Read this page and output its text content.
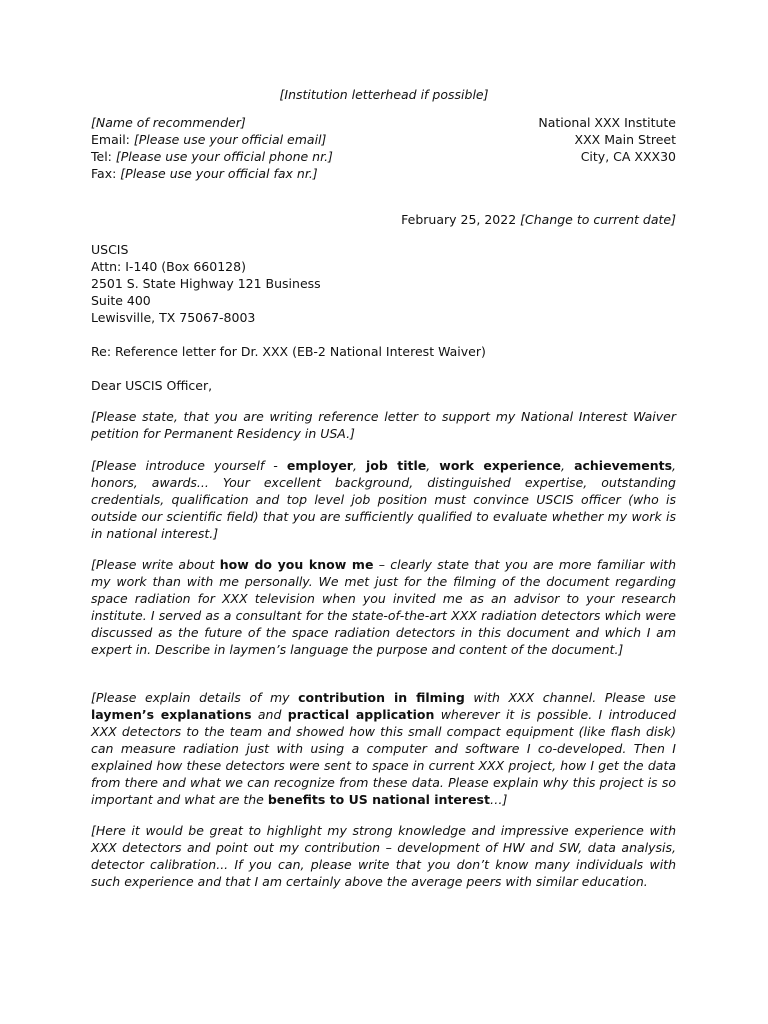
[Institution letterhead if possible]
[Name of recommender]
Email: [Please use your official email]
Tel: [Please use your official phone nr.]
Fax: [Please use your official fax nr.]
National XXX Institute
XXX Main Street
City, CA XXX30
February 25, 2022 [Change to current date]
USCIS
Attn: I-140 (Box 660128)
2501 S. State Highway 121 Business
Suite 400
Lewisville, TX 75067-8003
Re: Reference letter for Dr. XXX (EB-2 National Interest Waiver)
Dear USCIS Officer,
[Please state, that you are writing reference letter to support my National Interest Waiver petition for Permanent Residency in USA.]
[Please introduce yourself - employer, job title, work experience, achievements, honors, awards... Your excellent background, distinguished expertise, outstanding credentials, qualification and top level job position must convince USCIS officer (who is outside our scientific field) that you are sufficiently qualified to evaluate whether my work is in national interest.]
[Please write about how do you know me – clearly state that you are more familiar with my work than with me personally. We met just for the filming of the document regarding space radiation for XXX television when you invited me as an advisor to your research institute. I served as a consultant for the state-of-the-art XXX radiation detectors which were discussed as the future of the space radiation detectors in this document and which I am expert in. Describe in laymen’s language the purpose and content of the document.]
[Please explain details of my contribution in filming with XXX channel. Please use laymen’s explanations and practical application wherever it is possible. I introduced XXX detectors to the team and showed how this small compact equipment (like flash disk) can measure radiation just with using a computer and software I co-developed. Then I explained how these detectors were sent to space in current XXX project, how I get the data from there and what we can recognize from these data. Please explain why this project is so important and what are the benefits to US national interest…]
[Here it would be great to highlight my strong knowledge and impressive experience with XXX detectors and point out my contribution – development of HW and SW, data analysis, detector calibration... If you can, please write that you don’t know many individuals with such experience and that I am certainly above the average peers with similar education.
